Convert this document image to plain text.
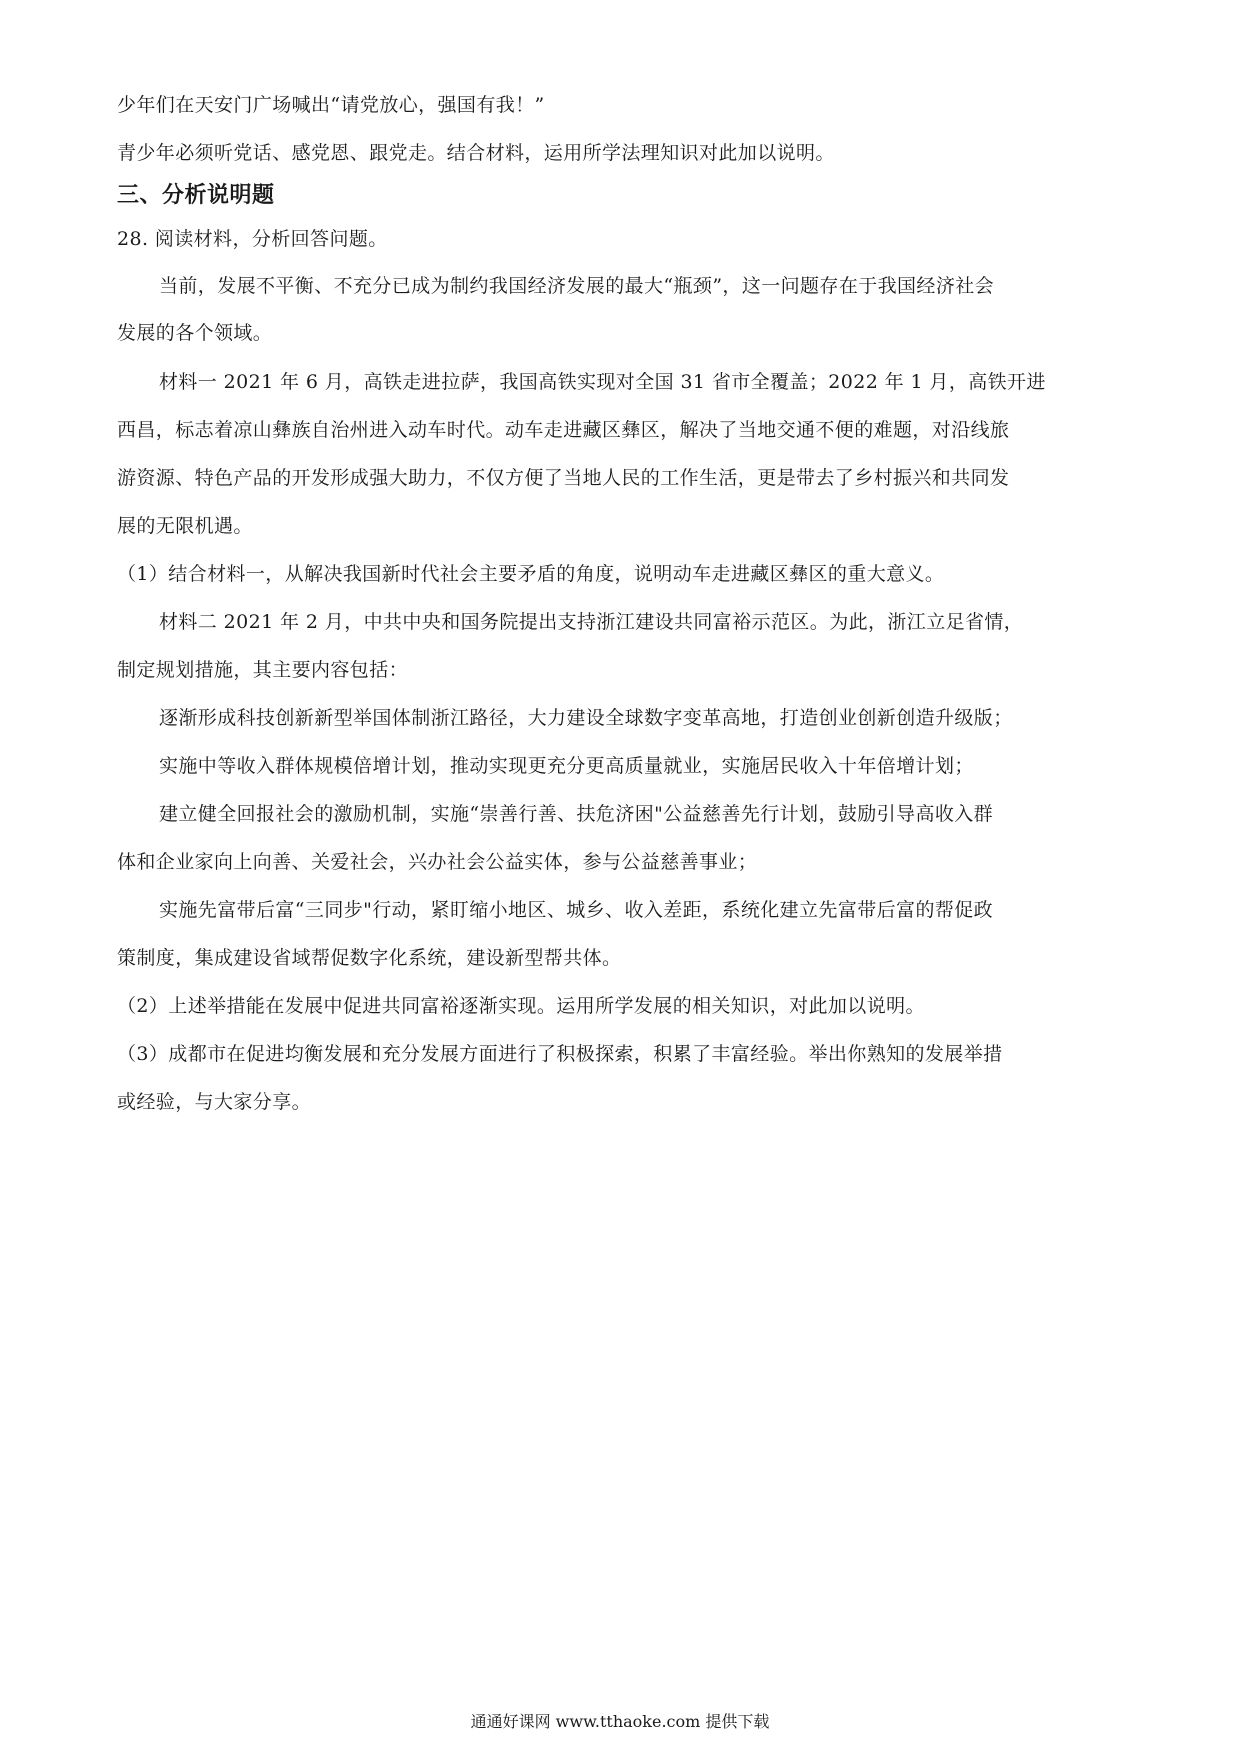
少年们在天安门广场喊出“请党放心，强国有我！”
青少年必须听党话、感党恩、跟党走。结合材料，运用所学法理知识对此加以说明。
三、分析说明题
28. 阅读材料，分析回答问题。
当前，发展不平衡、不充分已成为制约我国经济发展的最大“瓶颈”，这一问题存在于我国经济社会
发展的各个领域。
材料一 2021 年 6 月，高铁走进拉萨，我国高铁实现对全国 31 省市全覆盖；2022 年 1 月，高铁开进
西昌，标志着凉山彝族自治州进入动车时代。动车走进藏区彝区，解决了当地交通不便的难题，对沿线旅
游资源、特色产品的开发形成强大助力，不仅方便了当地人民的工作生活，更是带去了乡村振兴和共同发
展的无限机遇。
（1）结合材料一，从解决我国新时代社会主要矛盾的角度，说明动车走进藏区彝区的重大意义。
材料二 2021 年 2 月，中共中央和国务院提出支持浙江建设共同富裕示范区。为此，浙江立足省情，
制定规划措施，其主要内容包括：
逐渐形成科技创新新型举国体制浙江路径，大力建设全球数字变革高地，打造创业创新创造升级版；
实施中等收入群体规模倍增计划，推动实现更充分更高质量就业，实施居民收入十年倍增计划；
建立健全回报社会的激励机制，实施“崇善行善、扶危济困"公益慈善先行计划，鼓励引导高收入群
体和企业家向上向善、关爱社会，兴办社会公益实体，参与公益慈善事业；
实施先富带后富“三同步"行动，紧盯缩小地区、城乡、收入差距，系统化建立先富带后富的帮促政
策制度，集成建设省域帮促数字化系统，建设新型帮共体。
（2）上述举措能在发展中促进共同富裕逐渐实现。运用所学发展的相关知识，对此加以说明。
（3）成都市在促进均衡发展和充分发展方面进行了积极探索，积累了丰富经验。举出你熟知的发展举措
或经验，与大家分享。
通通好课网 www.tthaoke.com 提供下载
